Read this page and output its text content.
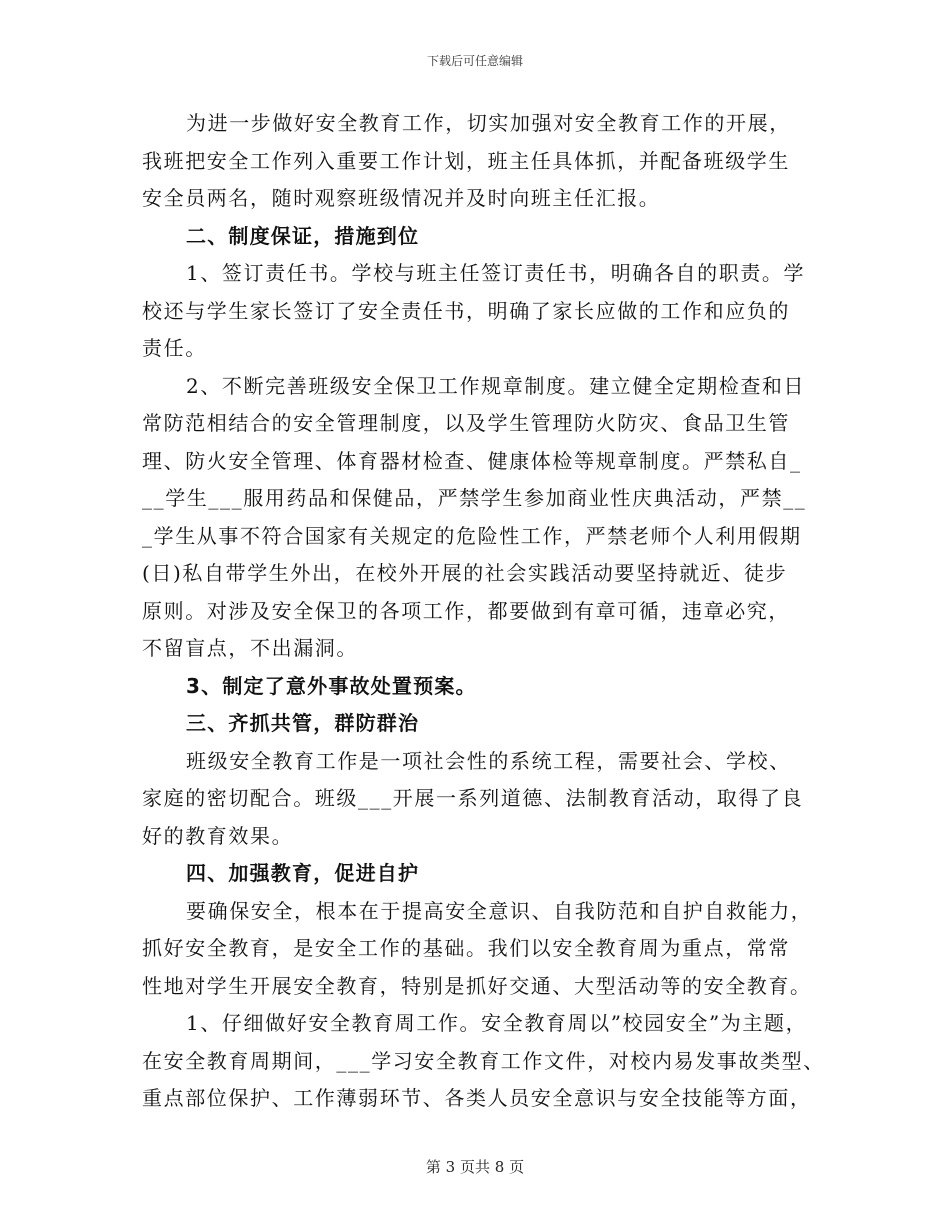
下载后可任意编辑
为进一步做好安全教育工作，切实加强对安全教育工作的开展，
我班把安全工作列入重要工作计划，班主任具体抓，并配备班级学生
安全员两名，随时观察班级情况并及时向班主任汇报。
二、制度保证，措施到位
1、签订责任书。学校与班主任签订责任书，明确各自的职责。学
校还与学生家长签订了安全责任书，明确了家长应做的工作和应负的
责任。
2、不断完善班级安全保卫工作规章制度。建立健全定期检查和日
常防范相结合的安全管理制度，以及学生管理防火防灾、食品卫生管
理、防火安全管理、体育器材检查、健康体检等规章制度。严禁私自_
__学生___服用药品和保健品，严禁学生参加商业性庆典活动，严禁__
_学生从事不符合国家有关规定的危险性工作，严禁老师个人利用假期
(日)私自带学生外出，在校外开展的社会实践活动要坚持就近、徒步
原则。对涉及安全保卫的各项工作，都要做到有章可循，违章必究，
不留盲点，不出漏洞。
3、制定了意外事故处置预案。
三、齐抓共管，群防群治
班级安全教育工作是一项社会性的系统工程，需要社会、学校、
家庭的密切配合。班级___开展一系列道德、法制教育活动，取得了良
好的教育效果。
四、加强教育，促进自护
要确保安全，根本在于提高安全意识、自我防范和自护自救能力，
抓好安全教育，是安全工作的基础。我们以安全教育周为重点，常常
性地对学生开展安全教育，特别是抓好交通、大型活动等的安全教育。
1、仔细做好安全教育周工作。安全教育周以”校园安全”为主题，
在安全教育周期间，___学习安全教育工作文件，对校内易发事故类型、
重点部位保护、工作薄弱环节、各类人员安全意识与安全技能等方面，
第 3 页共 8 页
